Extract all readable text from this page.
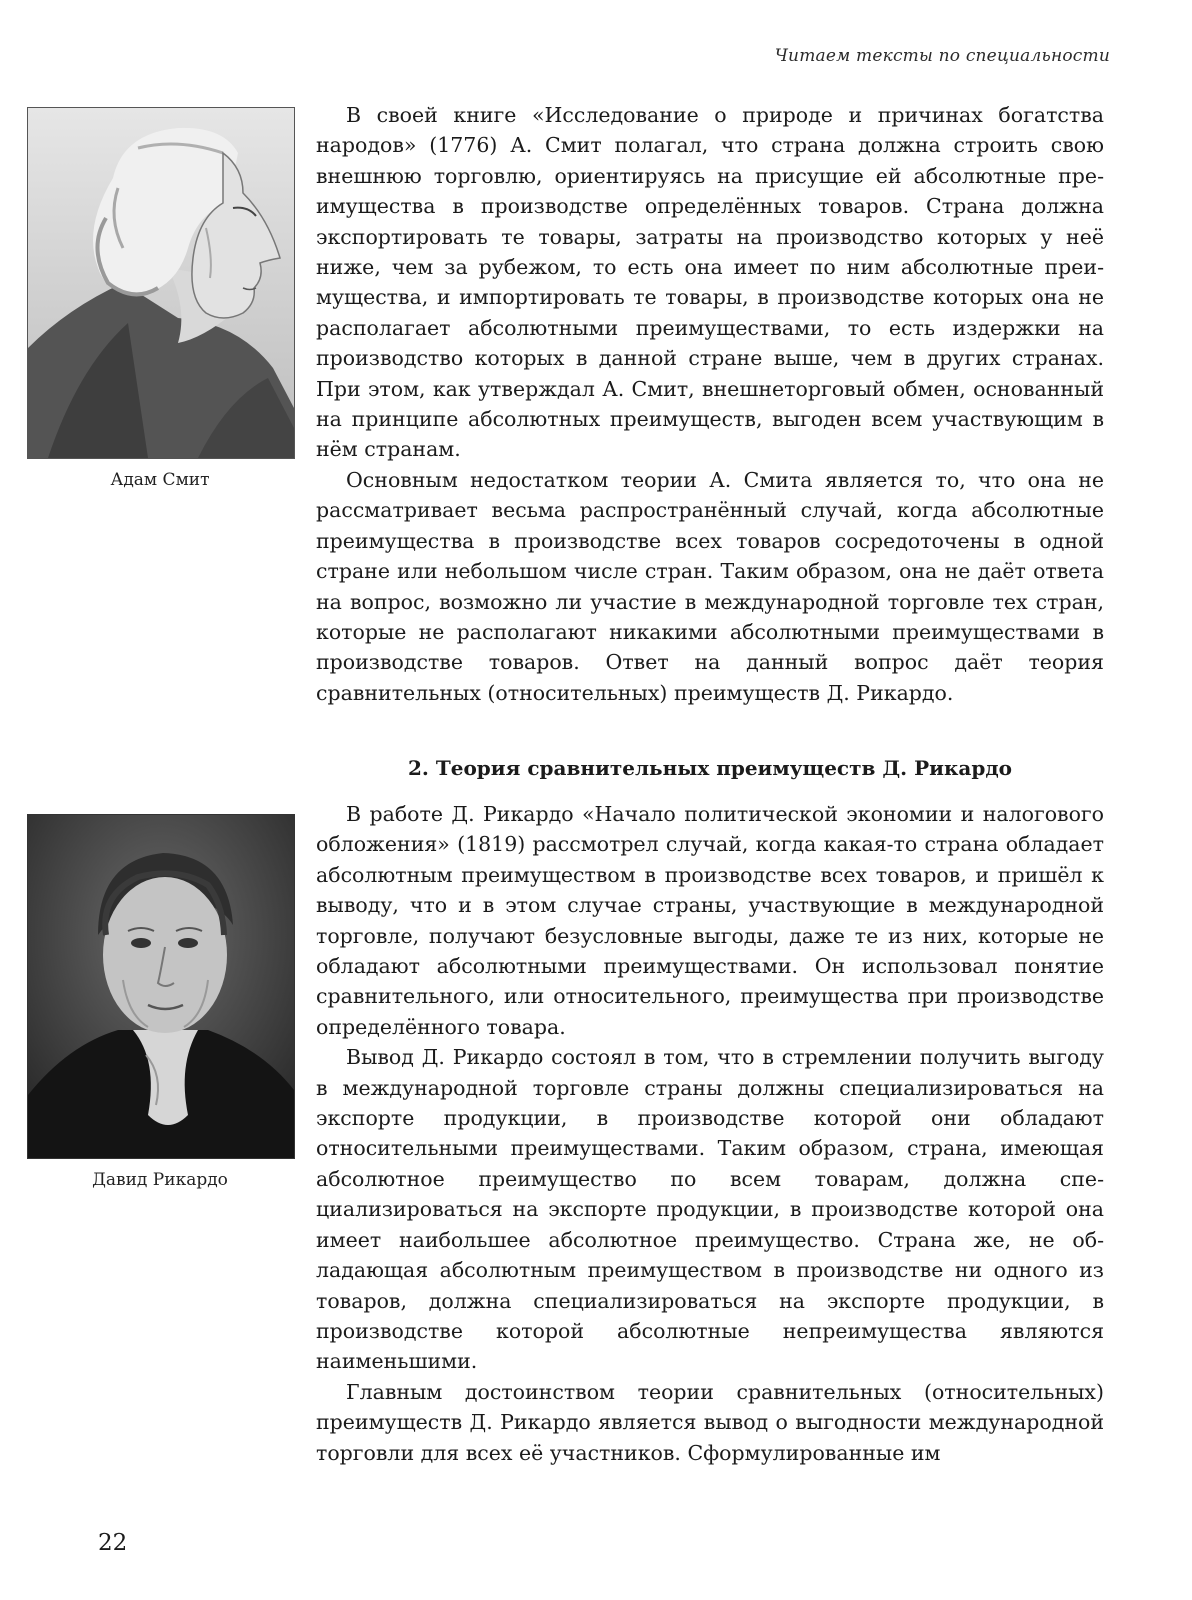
Читаем тексты по специальности
Адам Смит

В своей книге «Исследование о природе и причинах богатства народов» (1776) А. Смит полагал, что страна должна строить свою внешнюю торговлю, ориентируясь на присущие ей абсолютные преимущества в производстве определённых товаров. Страна должна экспортировать те товары, затраты на производство которых у неё ниже, чем за рубежом, то есть она имеет по ним абсолютные преимущества, и импортировать те товары, в производстве которых она не располагает абсолютными преимуществами, то есть издержки на производство которых в данной стране выше, чем в других странах. При этом, как утверждал А. Смит, внешнеторговый обмен, основанный на принципе абсолютных преимуществ, выгоден всем участвующим в нём странам.

Основным недостатком теории А. Смита является то, что она не рассматривает весьма распространённый случай, когда абсолютные преимущества в производстве всех товаров сосредоточены в одной стране или небольшом числе стран. Таким образом, она не даёт ответа на вопрос, возможно ли участие в международной торговле тех стран, которые не располагают никакими абсолютными преимуществами в производстве товаров. Ответ на данный вопрос даёт теория сравнительных (относительных) преимуществ Д. Рикардо.

2. Теория сравнительных преимуществ Д. Рикардо
Давид Рикардо

В работе Д. Рикардо «Начало политической экономии и налогового обложения» (1819) рассмотрел случай, когда какая-то страна обладает абсолютным преимуществом в производстве всех товаров, и пришёл к выводу, что и в этом случае страны, участвующие в международной торговле, получают безусловные выгоды, даже те из них, которые не обладают абсолютными преимуществами. Он использовал понятие сравнительного, или относительного, преимущества при производстве определённого товара.

Вывод Д. Рикардо состоял в том, что в стремлении получить выгоду в международной торговле страны должны специализироваться на экспорте продукции, в производстве которой они обладают относительными преимуществами. Таким образом, страна, имеющая абсолютное преимущество по всем товарам, должна специализироваться на экспорте продукции, в производстве которой она имеет наибольшее абсолютное преимущество. Страна же, не обладающая абсолютным преимуществом в производстве ни одного из товаров, должна специализироваться на экспорте продукции, в производстве которой абсолютные непреимущества являются наименьшими.

Главным достоинством теории сравнительных (относительных) преимуществ Д. Рикардо является вывод о выгодности международной торговли для всех её участников. Сформулированные им

22
